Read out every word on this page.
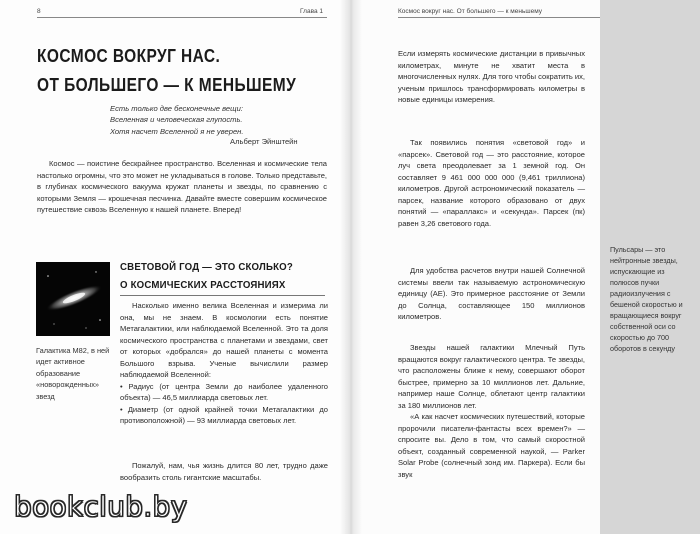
8	Глава 1	Космос вокруг нас. От большего — к меньшему
КОСМОС ВОКРУГ НАС.
ОТ БОЛЬШЕГО — К МЕНЬШЕМУ
Есть только две бесконечные вещи:
Вселенная и человеческая глупость.
Хотя насчет Вселенной я не уверен.
Альберт Эйнштейн

Космос — поистине бескрайнее пространство. Вселенная и космические тела настолько огромны, что это может не укладываться в голове. Только представьте, в глубинах космического вакуума кружат планеты и звезды, по сравнению с которыми Земля — крошечная песчинка. Давайте вместе совершим космическое путешествие сквозь Вселенную к нашей планете. Вперед!

Галактика М82, в ней идет активное образование «новорожденных» звезд

СВЕТОВОЙ ГОД — ЭТО СКОЛЬКО?
О КОСМИЧЕСКИХ РАССТОЯНИЯХ

Насколько именно велика Вселенная и измерима ли она, мы не знаем. В космологии есть понятие Метагалактики, или наблюдаемой Вселенной. Это та доля космического пространства с планетами и звездами, свет от которых «добрался» до нашей планеты с момента Большого взрыва. Ученые вычислили размер наблюдаемой Вселенной:

• Радиус (от центра Земли до наиболее удаленного объекта) — 46,5 миллиарда световых лет.

• Диаметр (от одной крайней точки Метагалактики до противоположной) — 93 миллиарда световых лет.

Пожалуй, нам, чья жизнь длится 80 лет, трудно даже вообразить столь гигантские масштабы.

Если измерять космические дистанции в привычных километрах, минуте не хватит места в многочисленных нулях. Для того чтобы сократить их, ученым пришлось трансформировать километры в новые единицы измерения.

Так появились понятия «световой год» и «парсек». Световой год — это расстояние, которое луч света преодолевает за 1 земной год. Он составляет 9 461 000 000 000 (9,461 триллиона) километров. Другой астрономический показатель — парсек, название которого образовано от двух понятий — «параллакс» и «секунда». Парсек (пк) равен 3,26 светового года.

Для удобства расчетов внутри нашей Солнечной системы ввели так называемую астрономическую единицу (АЕ). Это примерное расстояние от Земли до Солнца, составляющее 150 миллионов километров.

Звезды нашей галактики Млечный Путь вращаются вокруг галактического центра. Те звезды, что расположены ближе к нему, совершают оборот быстрее, примерно за 10 миллионов лет. Дальние, например наше Солнце, облетают центр галактики за 180 миллионов лет.

«А как насчет космических путешествий, которые пророчили писатели-фантасты всех времен?» — спросите вы. Дело в том, что самый скоростной объект, созданный современной наукой, — Parker Solar Probe (солнечный зонд им. Паркера). Если бы звук

Пульсары — это нейтронные звезды, испускающие из полюсов пучки радиоизлучения с бешеной скоростью и вращающиеся вокруг собственной оси со скоростью до 700 оборотов в секунду

bookclub.by
